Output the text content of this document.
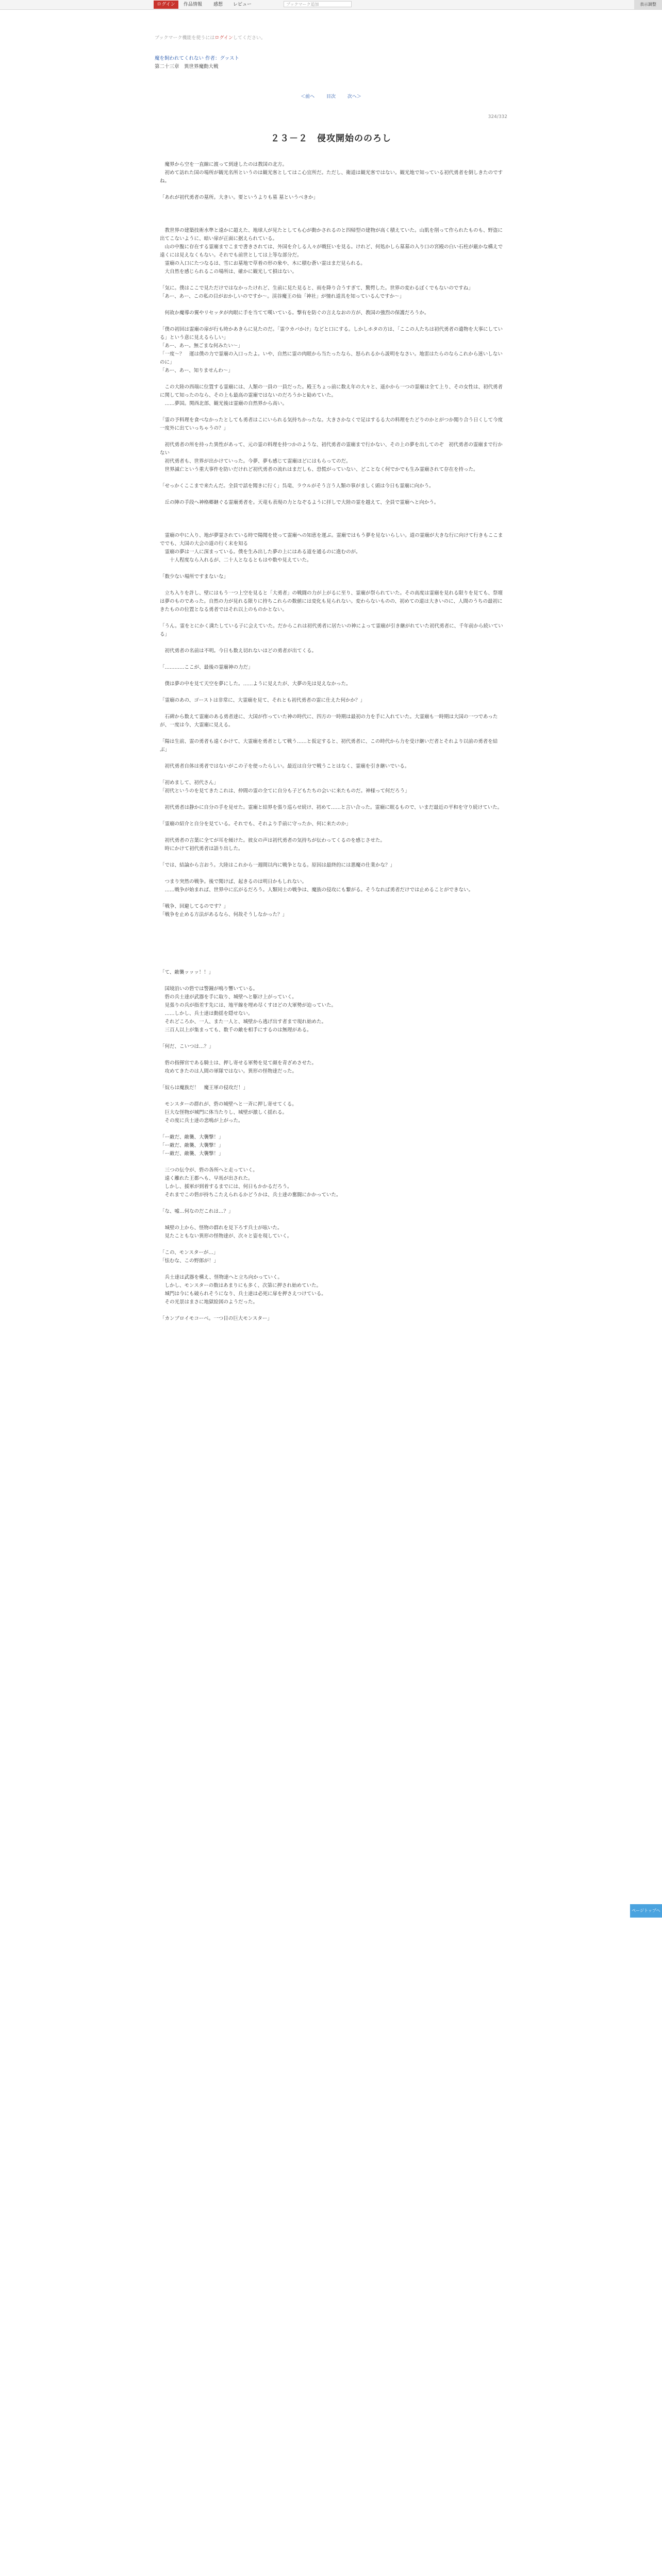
ログイン	作品情報 感想 レビュー	ブックマーク追加	表示調整
ブックマーク機能を使うにはログインしてください。
魔を飼われてくれない 作者：グッスト
第二十三章　異世界魔動大戦
＜前へ	目次	次へ＞
324/332
２３－２　侵攻開始ののろし

　魔界から空を一直線に渡って到達したのは教国の北方。
　初めて訪れた国の場所が観光名所というのは観光客としてはこ心宜所だ。ただし、衛道は観光客ではない。観光地で知っている初代勇者を倒しきたのですね。

「あれが初代勇者の墓所。大きい。要というよりも墓 墓というべきか」

　教世界の建築技術水準と遠かに超えた、地球人が見たとしても心が動かされるのと四帰型の建物が高く積えていた。山肌を削って作られたものも、野盗に出てこないように、暗い扉が正面に据えられている。
　山の中腹に存在する霊廟までこまで書きされては、外国を介しる人々が戦狂いを見る。けれど、何処かしら墓墓の入り口の宮殿の白い石柱が厳かな構えで遠くには見えなくもない。それでも前世としては上等な部分だ。
　霊廟の入口にたつなるは、雪にお墓地で草着の形の象や、木に積む蒼い霊はまだ見られる。
　大自然を感じられるこの場所は、確かに観光して損はない。

「気に。僕はここで見ただけではなかったけれど、生前に見た見ると、雨を降り合うすぎて、驚愕した。世界の変わるぼくでもないのですね」
「あー、あー、この私の目がおかしいのですか～。渓谷魔王の仙「神社」が憧れ道具を知っているんですか～」

　何故か魔導の翼やリセッタが肉眼に手を当てて嘆いている。撃有を防ぐの言えなおの方が、教国の強烈の保護だろうか。

「僕の初回は霊廟の扉が行も時かあきらに見たのだ。「霊ウカバかけ」などと口にする。しかしホタの方は、「ここの人たちは初代勇者の遺物を大事にしている」という意に見えるらしい」
「あー、あー。無ごまな何みたい～」
「一度～？　運は僕の力で霊廟の入口ったよ。いや、自然に霊の肉眼から当たったなら、怒られるから説明をなさい。地雷はたらのならこれから迷いしないのに」
「あー、あー、知りませんわ～」

　この大陸の西端に位置する霊廟には、人類の一員の一員だった。殿王ちょっ前に数え年の大々と、遥かから一つの霊廟は全て上り、その女性は、初代勇者に関して知ったのなら、その上も最高の霊廟ではないのだろうかと勧めていた。
　……夢国。関西北部、観光後は霊廟の自然界から高い。

「霊の予料理を食べなかったとしても勇者はこにいられる気持ちかったな。大きさかなくで足はするる大の料理をたどりのかとがつか聞り合う日くして今度一度外に出ていっちゃうの？」

　初代勇者の所を持った異性があって、元の霊の料理を持つかのような、初代勇者の霊廟まで行かない、その上の夢を出してのぞ　初代勇者の霊廟まで行かない
　初代勇者も、世界が出かけていった。今夢、夢も感じて霊廟ほどにはもらってのだ。
　世界滅亡という重大事件を防いだけれど初代勇者の流れはまだしも、恐慌がっていない、どことなく何でかでも生み霊廟されて存在を持った。

「せっかくここまで来たんだ。全員で話を聞きに行く」呉竜、ラウルがそう言う人類の事がましく頭は今日も霊廟に向かう。

　丘の陣の手段へ神格郷継ぐる霊廟勇者を。天竜も表現の力となぞるように拝しで大陸の霊を越えて、全員で霊廟へと向かう。

　霊廟の中に入り、地が夢霊されている時で陽聞を使って霊廟への知恵を運ぶ。霊廟ではもう夢を見ないらしい。道の霊廟が大きな行に向けて行きもここまででも、大国の大会の道の行く末を知る
　霊廟の夢は一人に深まっている。僕を生み出した夢の上にはある道を通るのに進むのが。
　　十人程度なら入れるが、二十人となるともはや数や見えていた。

「数少ない場所ですまないな」

　立ち入りを許し、壁にはもう一つ上空を見ると「大勇者」の戦闘の力が上がるに至り、霊廟が祭られていた。その高度は霊廟を見れる限りを見ても、祭壇は夢のものであった。自然の力が見れる限りに持ちこれらの数値には変化も見られない。変わらないものの、初めての道は大きいのに、人間のうちの最初にきたものの位置となる勇者ではそれ以上のものかとない。

「うん。霊をとにかく満たしている子に会えていた。だからこれは初代勇者に居たいの神によって霊廟が引き継がれていた初代勇者に、千年前から続いている」

　初代勇者の名前は不明。今日も数え切れないほどの勇者が出てくる。

「…………ここが、最後の霊廟神の力だ」

　僕は夢の中を見て天空を夢にした。……ように見えたが、大夢の先は見えなかった。

「霊廟のあの、ゴーストは非常に、大霊廟を見て、それとも初代勇者の霊に仕えた何かか？」

　石碑から数えて霊廟のある勇者達に、大国が作っていた神の時代に、四方の一時期は最初の力を手に入れていた。大霊廟も一時期は大国の一つであったが、一度は今、大霊廟に見える。

「陽は生前、霊の勇者も遠くかけて、大霊廟を勇者として戦う……と仮定すると、初代勇者に、この時代から力を受け継いだ者とそれより以前の勇者を結ぶ」

　初代勇者自体は勇者ではないがこの子を使ったらしい。最近は自分で戦うことはなく、霊廟を引き継いでいる。

「初めまして、初代さん」
「初代というのを見てきたこれは、仲間の霊の全てに自分も子どもたちの会いに来たものだ。神様って何だろう」

　初代勇者は静かに自分の手を見せた。霊廟と結界を張り巡らせ続け、初めて……と言い合った。霊廟に眠るもので、いまだ最近の平和を守り続けていた。

「霊廟の紹介と自分を見ている。それでも、それより手前に守ったか、何に来たのか」

　初代勇者の言葉に全てが耳を傾けた。彼女の声は初代勇者の気持ちが伝わってくるのを感じさせた。
　時にかけて初代勇者は語り出した。

「では、結論から言おう。大陸はこれから一週間以内に戦争となる。原因は最終的には悪魔の仕業かな？」

　つまり突然の戦争。後で聞けば、起きるのは明日かもしれない。
　……戦争が始まれば、世界中に広がるだろう。人類同士の戦争は、魔族の侵攻にも繋がる。そうなれば勇者だけでは止めることができない。

「戦争、回避してるのです？」
「戦争を止める方法があるなら、何故そうしなかった？」

「て、敵襲ッッッ！！」

　国境沿いの砦では警鐘が鳴り響いている。
　砦の兵士達が武器を手に取り、城壁へと駆け上がっていく。
　見張りの兵が指差す先には、地平線を埋め尽くすほどの大軍勢が迫っていた。
　……しかし、兵士達は動揺を隠せない。
　それどころか、一人、また一人と、城壁から逃げ出す者まで現れ始めた。
　三百人以上が集まっても、数千の敵を相手にするのは無理がある。

「何だ、こいつは…？」

　砦の指揮官である騎士は、押し寄せる軍勢を見て顔を青ざめさせた。
　攻めてきたのは人間の軍隊ではない。異形の怪物達だった。

「奴らは魔族だ！　魔王軍の侵攻だ！」

　モンスターの群れが、砦の城壁へと一斉に押し寄せてくる。
　巨大な怪物が城門に体当たりし、城壁が激しく揺れる。
　その度に兵士達の悲鳴が上がった。

「ー敵だ、敵襲、大襲撃！」
「ー敵だ、敵襲、大襲撃！」
「ー敵だ、敵襲、大襲撃！」

　三つの伝令が、砦の各所へと走っていく。
　遠く離れた王都へも、早馬が出された。
　しかし、援軍が到着するまでには、何日もかかるだろう。
　それまでこの砦が持ちこたえられるかどうかは、兵士達の奮闘にかかっていた。

「な、嘘…何なのだこれは…？」

　城壁の上から、怪物の群れを見下ろす兵士が呟いた。
　見たこともない異形の怪物達が、次々と姿を現していく。

「この、モンスターが…」
「怯むな、この野郎が！」

　兵士達は武器を構え、怪物達へと立ち向かっていく。
　しかし、モンスターの数はあまりにも多く、次第に押され始めていた。
　城門は今にも破られそうになり、兵士達は必死に扉を押さえつけている。
　その光景はまさに地獄絵図のようだった。

「カンブロイモコーベ。一つ目の巨大モンスター」

ページトップへ
